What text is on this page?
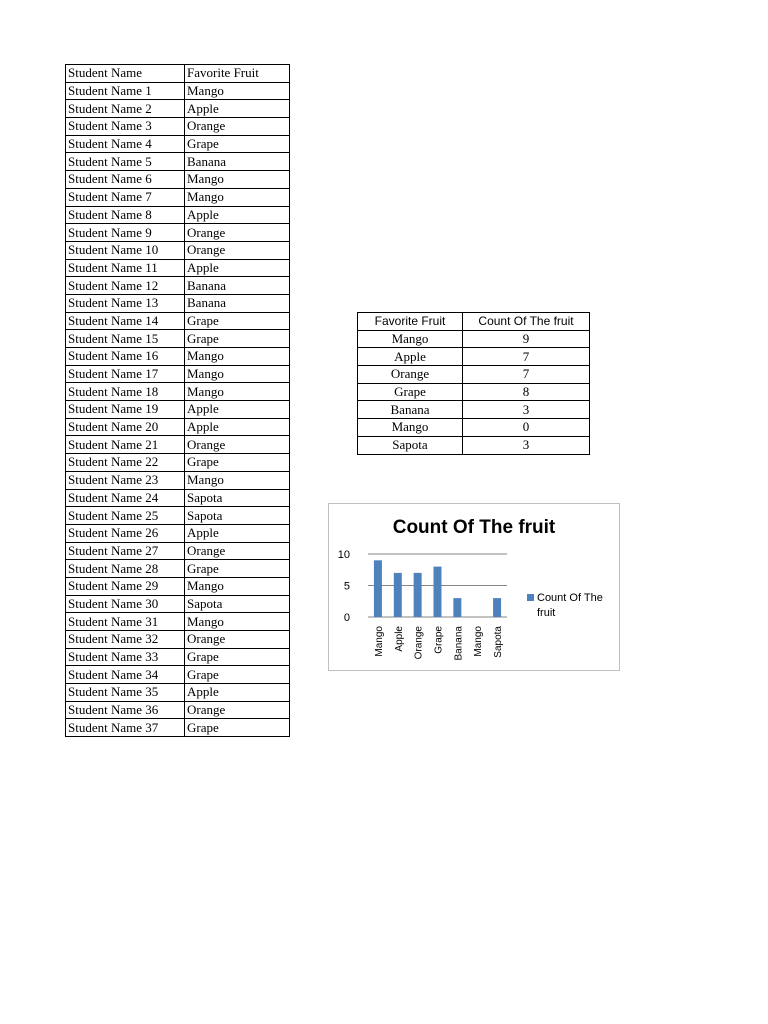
Student Name	Favorite Fruit
Student Name 1	Mango
Student Name 2	Apple
Student Name 3	Orange
Student Name 4	Grape
Student Name 5	Banana
Student Name 6	Mango
Student Name 7	Mango
Student Name 8	Apple
Student Name 9	Orange
Student Name 10	Orange
Student Name 11	Apple
Student Name 12	Banana
Student Name 13	Banana
Student Name 14	Grape
Student Name 15	Grape
Student Name 16	Mango
Student Name 17	Mango
Student Name 18	Mango
Student Name 19	Apple
Student Name 20	Apple
Student Name 21	Orange
Student Name 22	Grape
Student Name 23	Mango
Student Name 24	Sapota
Student Name 25	Sapota
Student Name 26	Apple
Student Name 27	Orange
Student Name 28	Grape
Student Name 29	Mango
Student Name 30	Sapota
Student Name 31	Mango
Student Name 32	Orange
Student Name 33	Grape
Student Name 34	Grape
Student Name 35	Apple
Student Name 36	Orange
Student Name 37	Grape
Favorite Fruit	Count Of The fruit
Mango	9
Apple	7
Orange	7
Grape	8
Banana	3
Mango	0
Sapota	3
Count Of The fruit
0
5
10
Mango Apple Orange Grape Banana Mango Sapota
Count Of The fruit
